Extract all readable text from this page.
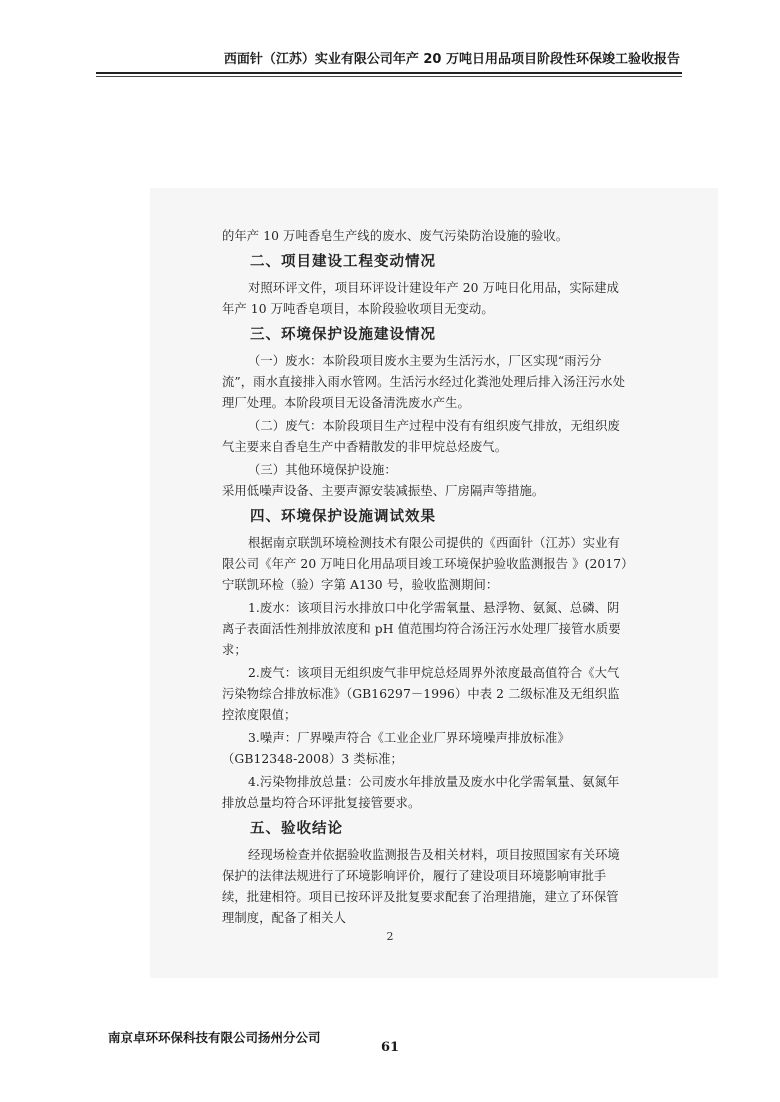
西面针（江苏）实业有限公司年产 20 万吨日用品项目阶段性环保竣工验收报告

的年产 10 万吨香皂生产线的废水、废气污染防治设施的验收。

二、项目建设工程变动情况

对照环评文件，项目环评设计建设年产 20 万吨日化用品，实际建成年产 10 万吨香皂项目，本阶段验收项目无变动。

三、环境保护设施建设情况

（一）废水：本阶段项目废水主要为生活污水，厂区实现“雨污分流”，雨水直接排入雨水管网。生活污水经过化粪池处理后排入汤汪污水处理厂处理。本阶段项目无设备清洗废水产生。

（二）废气：本阶段项目生产过程中没有有组织废气排放，无组织废气主要来自香皂生产中香精散发的非甲烷总烃废气。

（三）其他环境保护设施：

采用低噪声设备、主要声源安装减振垫、厂房隔声等措施。

四、环境保护设施调试效果

根据南京联凯环境检测技术有限公司提供的《西面针（江苏）实业有限公司《年产 20 万吨日化用品项目竣工环境保护验收监测报告 》(2017）宁联凯环检（验）字第 A130 号，验收监测期间：

1.废水：该项目污水排放口中化学需氧量、悬浮物、氨氮、总磷、阴离子表面活性剂排放浓度和 pH 值范围均符合汤汪污水处理厂接管水质要求；

2.废气：该项目无组织废气非甲烷总烃周界外浓度最高值符合《大气污染物综合排放标准》（GB16297－1996）中表 2 二级标准及无组织监控浓度限值；

3.噪声：厂界噪声符合《工业企业厂界环境噪声排放标准》（GB12348-2008）3 类标准；

4.污染物排放总量：公司废水年排放量及废水中化学需氧量、氨氮年排放总量均符合环评批复接管要求。

五、验收结论

经现场检查并依据验收监测报告及相关材料，项目按照国家有关环境保护的法律法规进行了环境影响评价，履行了建设项目环境影响审批手续，批建相符。项目已按环评及批复要求配套了治理措施，建立了环保管理制度，配备了相关人

2
南京卓环环保科技有限公司扬州分公司
61
